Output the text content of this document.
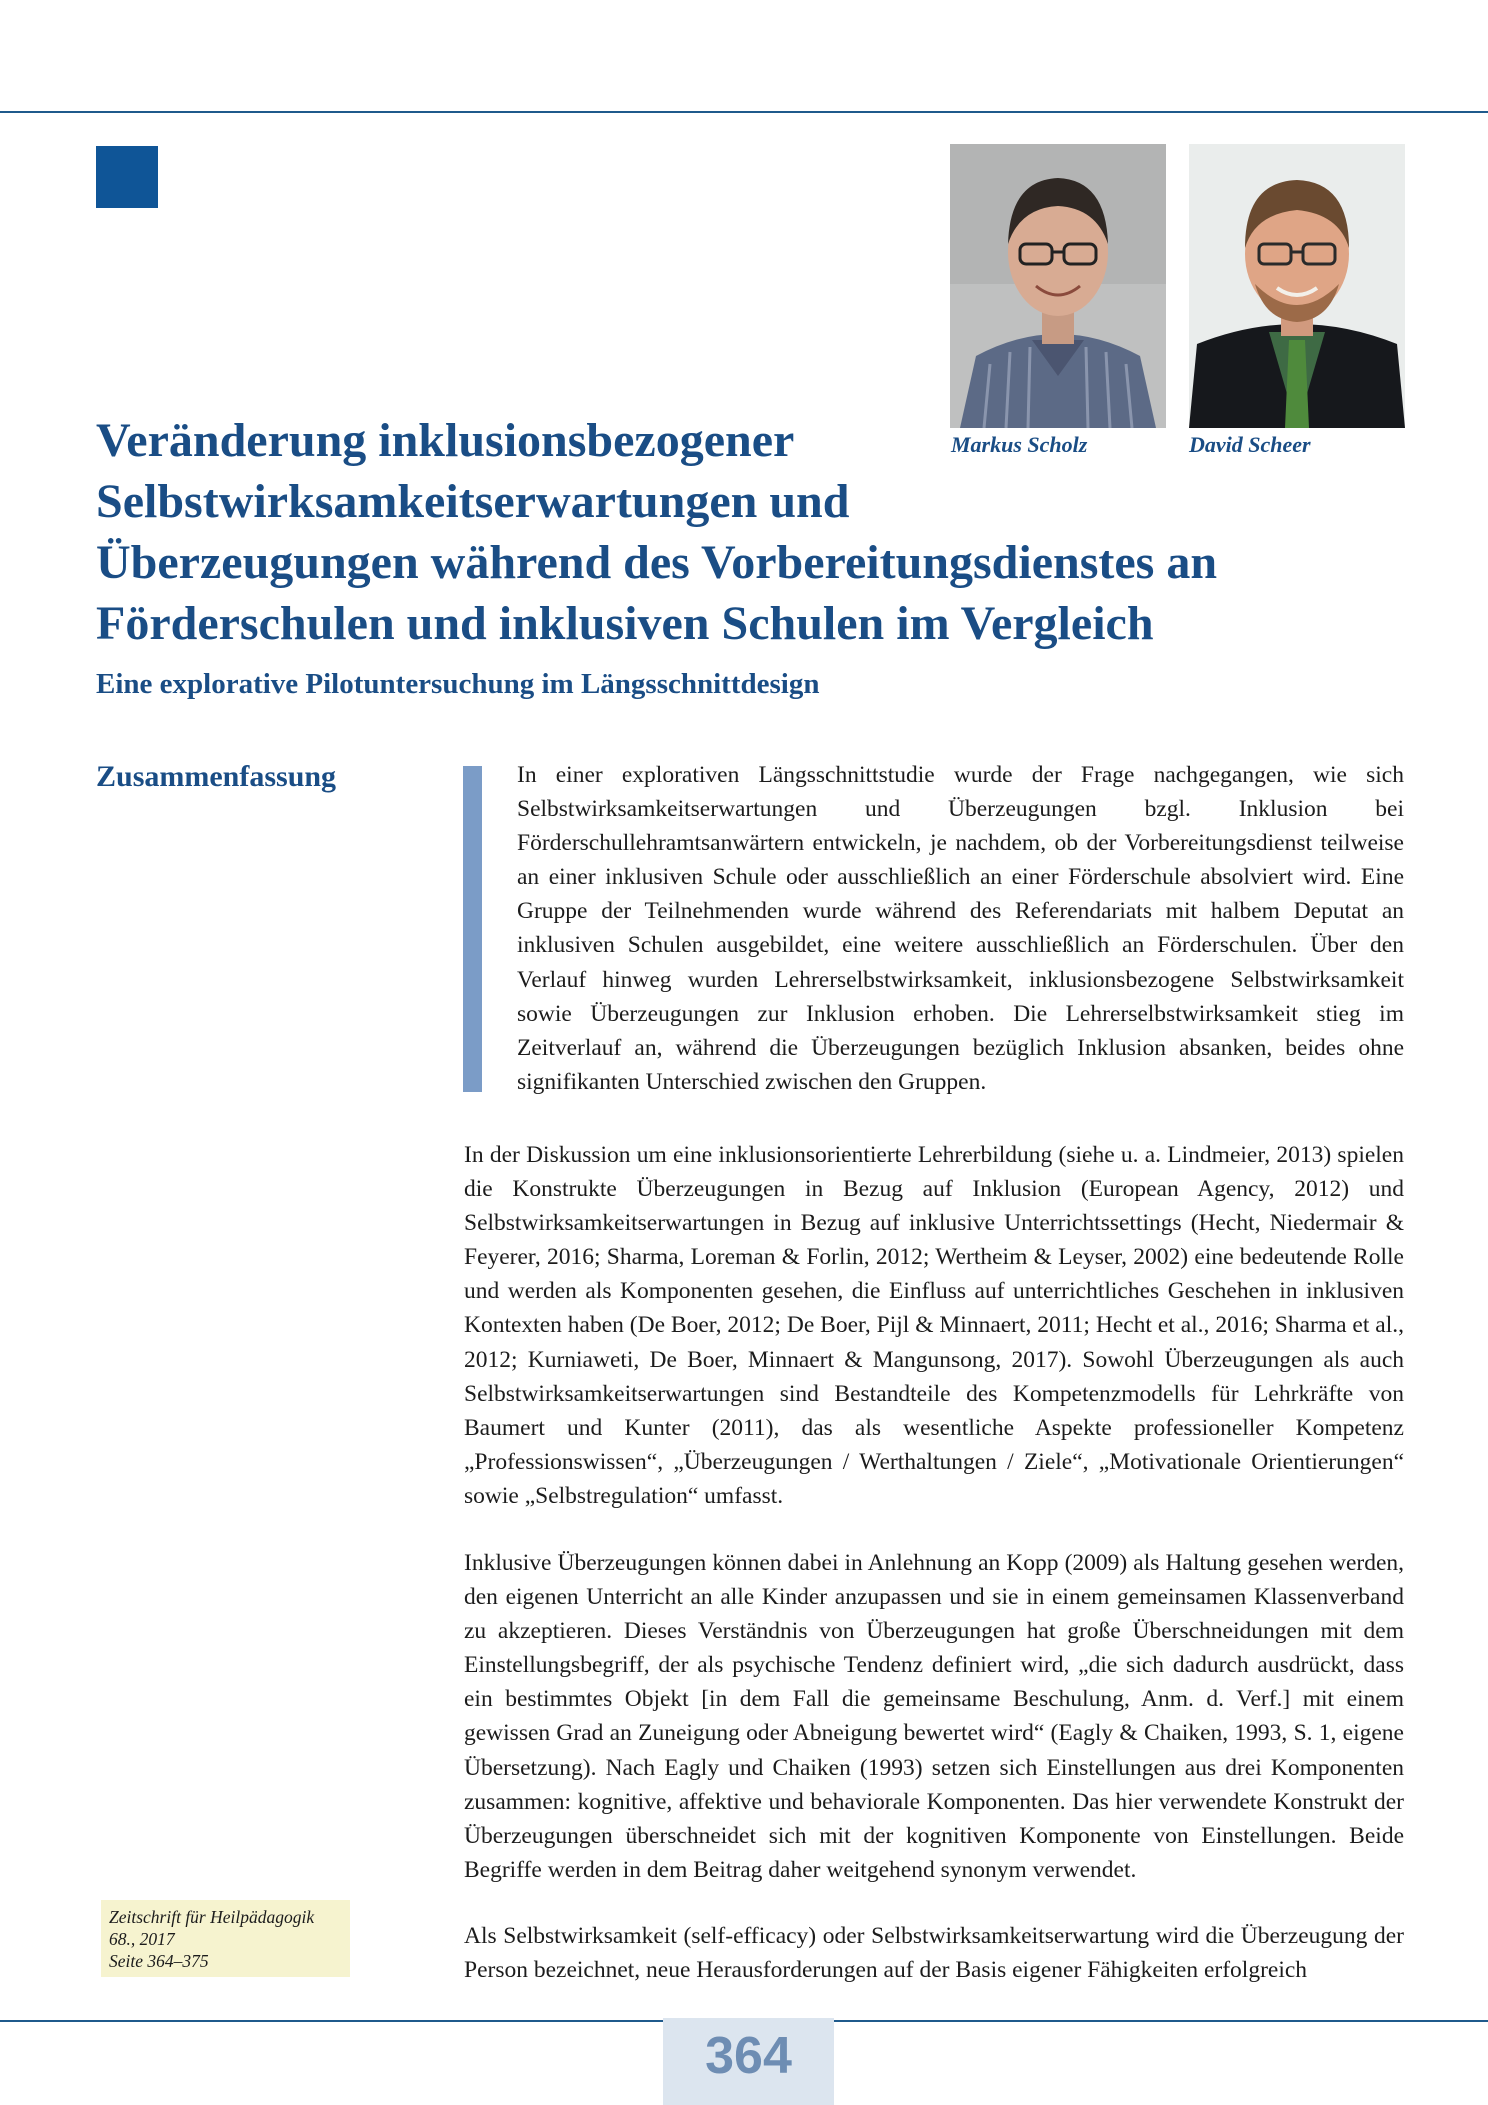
Markus Scholz	David Scheer
Veränderung inklusionsbezogener
Selbstwirksamkeitserwartungen und
Überzeugungen während des Vorbereitungsdienstes an
Förderschulen und inklusiven Schulen im Vergleich
Eine explorative Pilotuntersuchung im Längsschnittdesign
Zusammenfassung	In einer explorativen Längsschnittstudie wurde der Frage nachgegangen, wie sich Selbstwirksamkeitserwartungen und Überzeugungen bzgl. Inklusion bei Förderschullehramtsanwärtern entwickeln, je nachdem, ob der Vorbereitungsdienst teilweise an einer inklusiven Schule oder ausschließlich an einer Förderschule absolviert wird. Eine Gruppe der Teilnehmenden wurde während des Referendariats mit halbem Deputat an inklusiven Schulen ausgebildet, eine weitere ausschließlich an Förderschulen. Über den Verlauf hinweg wurden Lehrerselbstwirksamkeit, inklusionsbezogene Selbstwirksamkeit sowie Überzeugungen zur Inklusion erhoben. Die Lehrerselbstwirksamkeit stieg im Zeitverlauf an, während die Überzeugungen bezüglich Inklusion absanken, beides ohne signifikanten Unterschied zwischen den Gruppen.

In der Diskussion um eine inklusionsorientierte Lehrerbildung (siehe u. a. Lindmeier, 2013) spielen die Konstrukte Überzeugungen in Bezug auf Inklusion (European Agency, 2012) und Selbstwirksamkeitserwartungen in Bezug auf inklusive Unterrichtssettings (Hecht, Niedermair & Feyerer, 2016; Sharma, Loreman & Forlin, 2012; Wertheim & Leyser, 2002) eine bedeutende Rolle und werden als Komponenten gesehen, die Einfluss auf unterrichtliches Geschehen in inklusiven Kontexten haben (De Boer, 2012; De Boer, Pijl & Minnaert, 2011; Hecht et al., 2016; Sharma et al., 2012; Kurniaweti, De Boer, Minnaert & Mangunsong, 2017). Sowohl Überzeugungen als auch Selbstwirksamkeitserwartungen sind Bestandteile des Kompetenzmodells für Lehrkräfte von Baumert und Kunter (2011), das als wesentliche Aspekte professioneller Kompetenz „Professionswissen“, „Überzeugungen / Werthaltungen / Ziele“, „Motivationale Orientierungen“ sowie „Selbstregulation“ umfasst.

Inklusive Überzeugungen können dabei in Anlehnung an Kopp (2009) als Haltung gesehen werden, den eigenen Unterricht an alle Kinder anzupassen und sie in einem gemeinsamen Klassenverband zu akzeptieren. Dieses Verständnis von Überzeugungen hat große Überschneidungen mit dem Einstellungsbegriff, der als psychische Tendenz definiert wird, „die sich dadurch ausdrückt, dass ein bestimmtes Objekt [in dem Fall die gemeinsame Beschulung, Anm. d. Verf.] mit einem gewissen Grad an Zuneigung oder Abneigung bewertet wird“ (Eagly & Chaiken, 1993, S. 1, eigene Übersetzung). Nach Eagly und Chaiken (1993) setzen sich Einstellungen aus drei Komponenten zusammen: kognitive, affektive und behaviorale Komponenten. Das hier verwendete Konstrukt der Überzeugungen überschneidet sich mit der kognitiven Komponente von Einstellungen. Beide Begriffe werden in dem Beitrag daher weitgehend synonym verwendet.

Als Selbstwirksamkeit (self-efficacy) oder Selbstwirksamkeitserwartung wird die Überzeugung der Person bezeichnet, neue Herausforderungen auf der Basis eigener Fähigkeiten erfolgreich

Zeitschrift für Heilpädagogik
68., 2017
Seite 364–375
364
